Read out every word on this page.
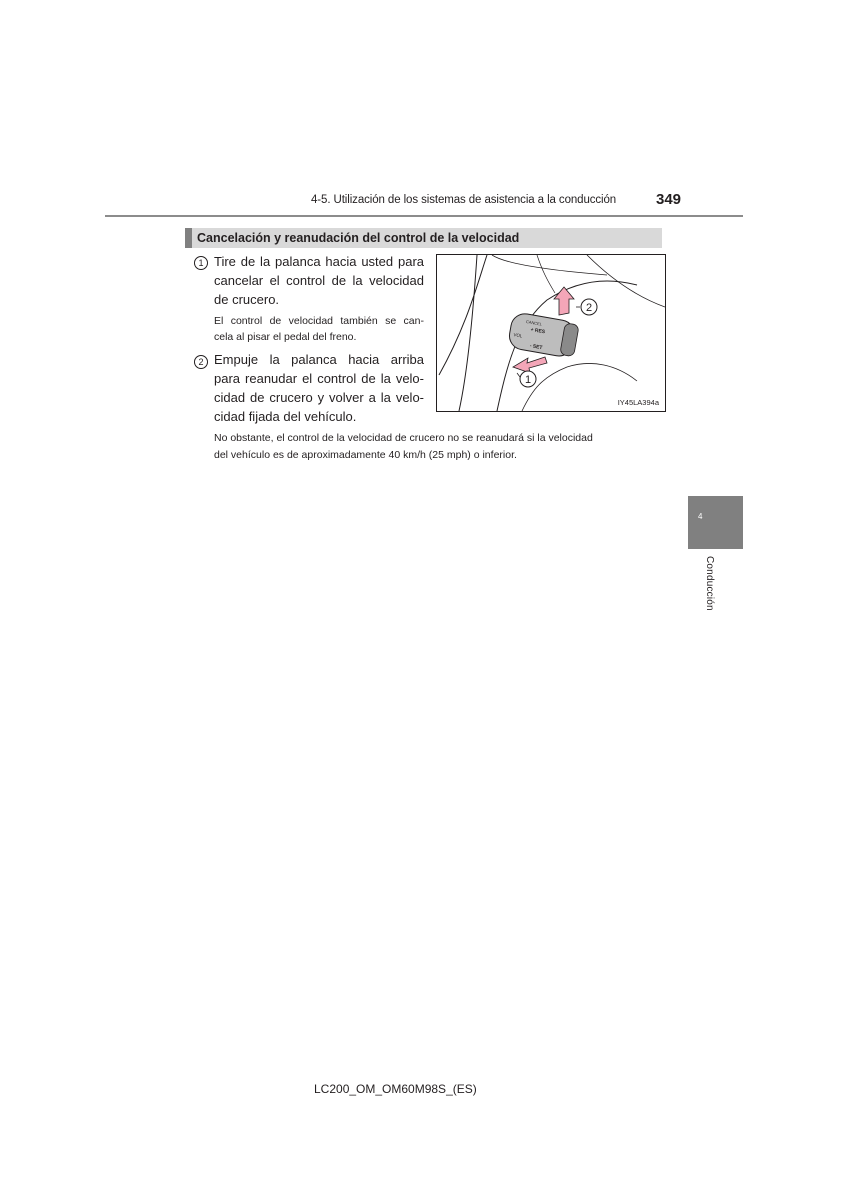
4-5. Utilización de los sistemas de asistencia a la conducción	349
Cancelación y reanudación del control de la velocidad
1 Tire de la palanca hacia usted para
cancelar el control de la velocidad
de crucero.
El control de velocidad también se can-
cela al pisar el pedal del freno.
2 Empuje la palanca hacia arriba
para reanudar el control de la velo-
cidad de crucero y volver a la velo-
cidad fijada del vehículo.
CANCEL
+ RES
VOL
- SET
2
1
IY45LA394a
No obstante, el control de la velocidad de crucero no se reanudará si la velocidad
del vehículo es de aproximadamente 40 km/h (25 mph) o inferior.
4
Conducción
LC200_OM_OM60M98S_(ES)
